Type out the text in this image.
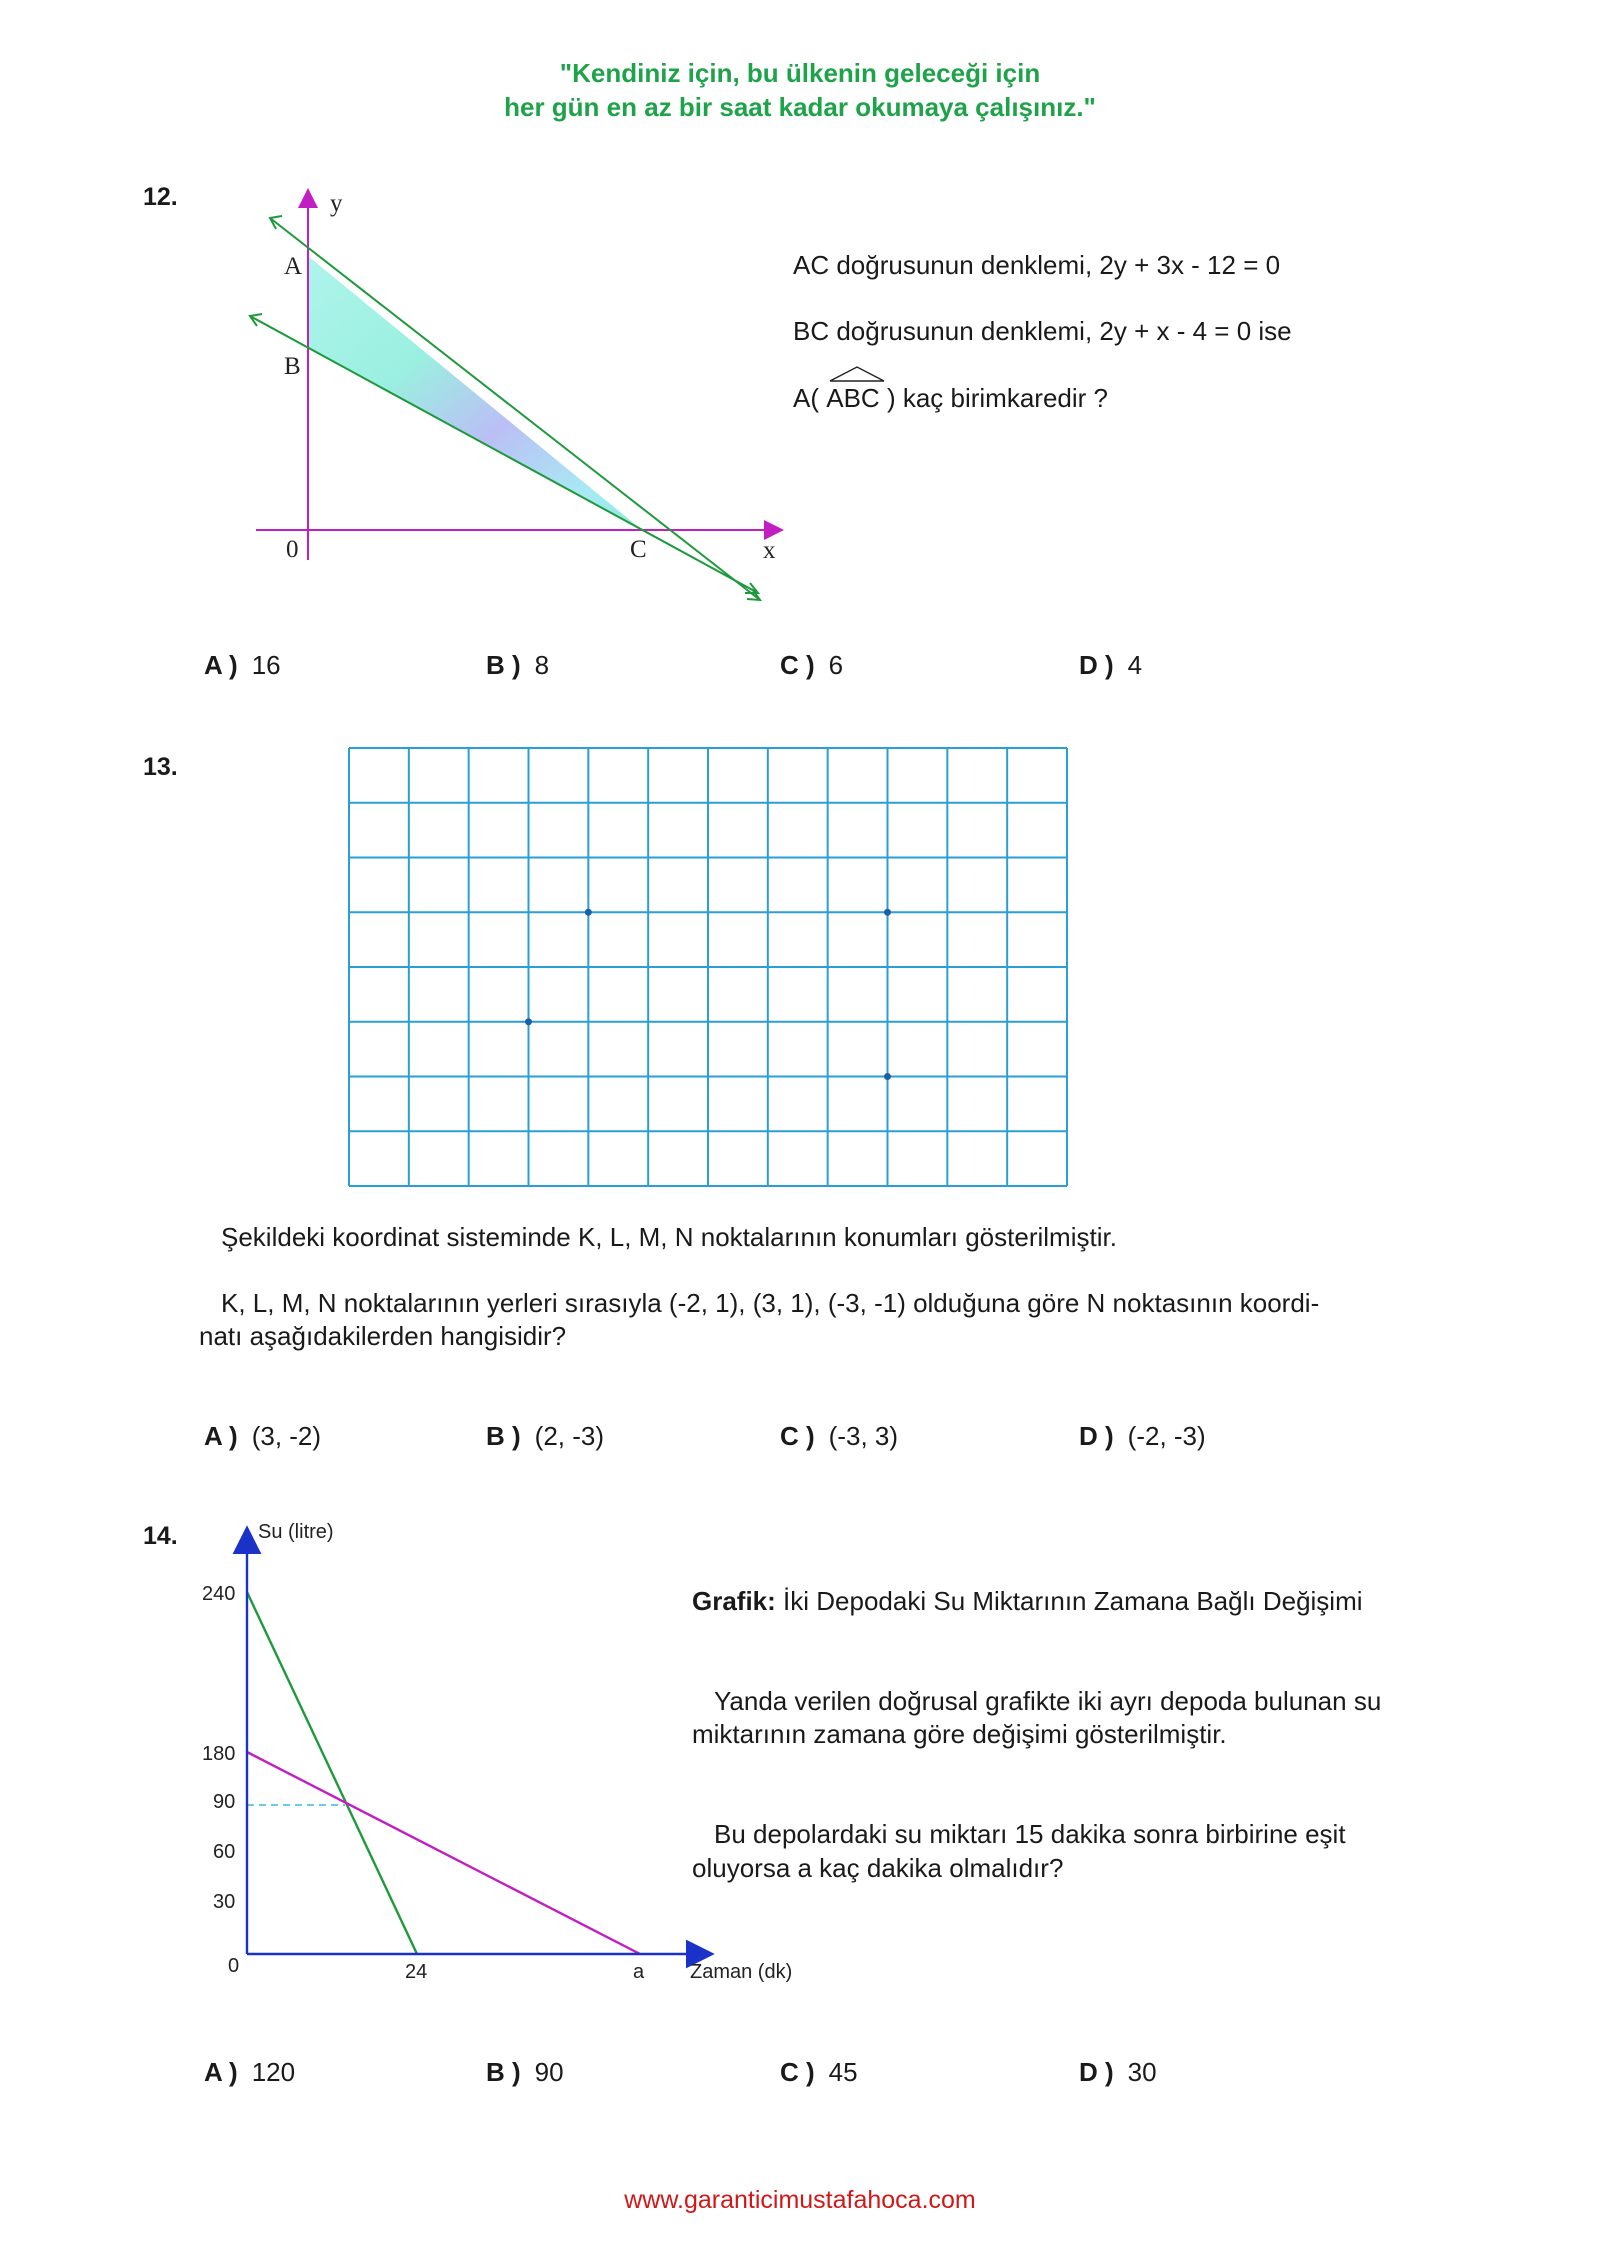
"Kendiniz için, bu ülkenin geleceği için
her gün en az bir saat kadar okumaya çalışınız."
12.	y
x
0
A
B
C
AC doğrusunun denklemi, 2y + 3x - 12 = 0
BC doğrusunun denklemi, 2y + x - 4 = 0 ise
A( ABC ) kaç birimkaredir ?
A ) 16	B ) 8	C ) 6	D ) 4
13.
Şekildeki koordinat sisteminde K, L, M, N noktalarının konumları gösterilmiştir.
K, L, M, N noktalarının yerleri sırasıyla (-2, 1), (3, 1), (-3, -1) olduğuna göre N noktasının koordi-
natı aşağıdakilerden hangisidir?
A ) (3, -2)	B ) (2, -3)	C ) (-3, 3)	D ) (-2, -3)
14.	Su (litre)
240
180
90
60
30
0	24	a Zaman (dk)
Grafik: İki Depodaki Su Miktarının Zamana Bağlı Değişimi
Yanda verilen doğrusal grafikte iki ayrı depoda bulunan su
miktarının zamana göre değişimi gösterilmiştir.
Bu depolardaki su miktarı 15 dakika sonra birbirine eşit
oluyorsa a kaç dakika olmalıdır?
A ) 120	B ) 90	C ) 45	D ) 30
www.garanticimustafahoca.com
